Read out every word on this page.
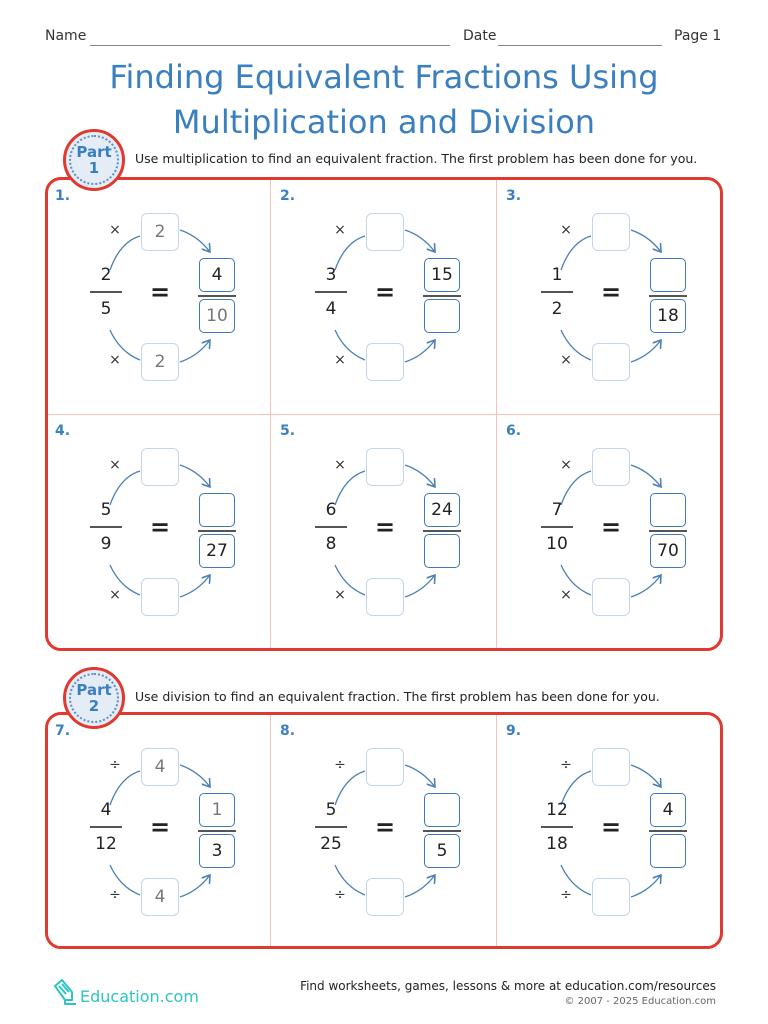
Name	Date	Page 1
Finding Equivalent Fractions Using
Multiplication and Division
Part
1
Use multiplication to find an equivalent fraction. The first problem has been done for you.
1.
×	2
2
5
=
4
10
×	2
2.
×
3
4
=
15
×
3.
×
1
2
=
18
×
4.
×
5
9
=
27
×
5.
×
6
8
=
24
×
6.
×
7
10
=
70
×
Part
2
Use division to find an equivalent fraction. The first problem has been done for you.
7.
÷	4
4
12
=
1
3
÷	4
8.
÷
5
25
=
5
÷
9.
÷
12
18
=
4
÷
Education.com
Find worksheets, games, lessons & more at education.com/resources
© 2007 - 2025 Education.com
